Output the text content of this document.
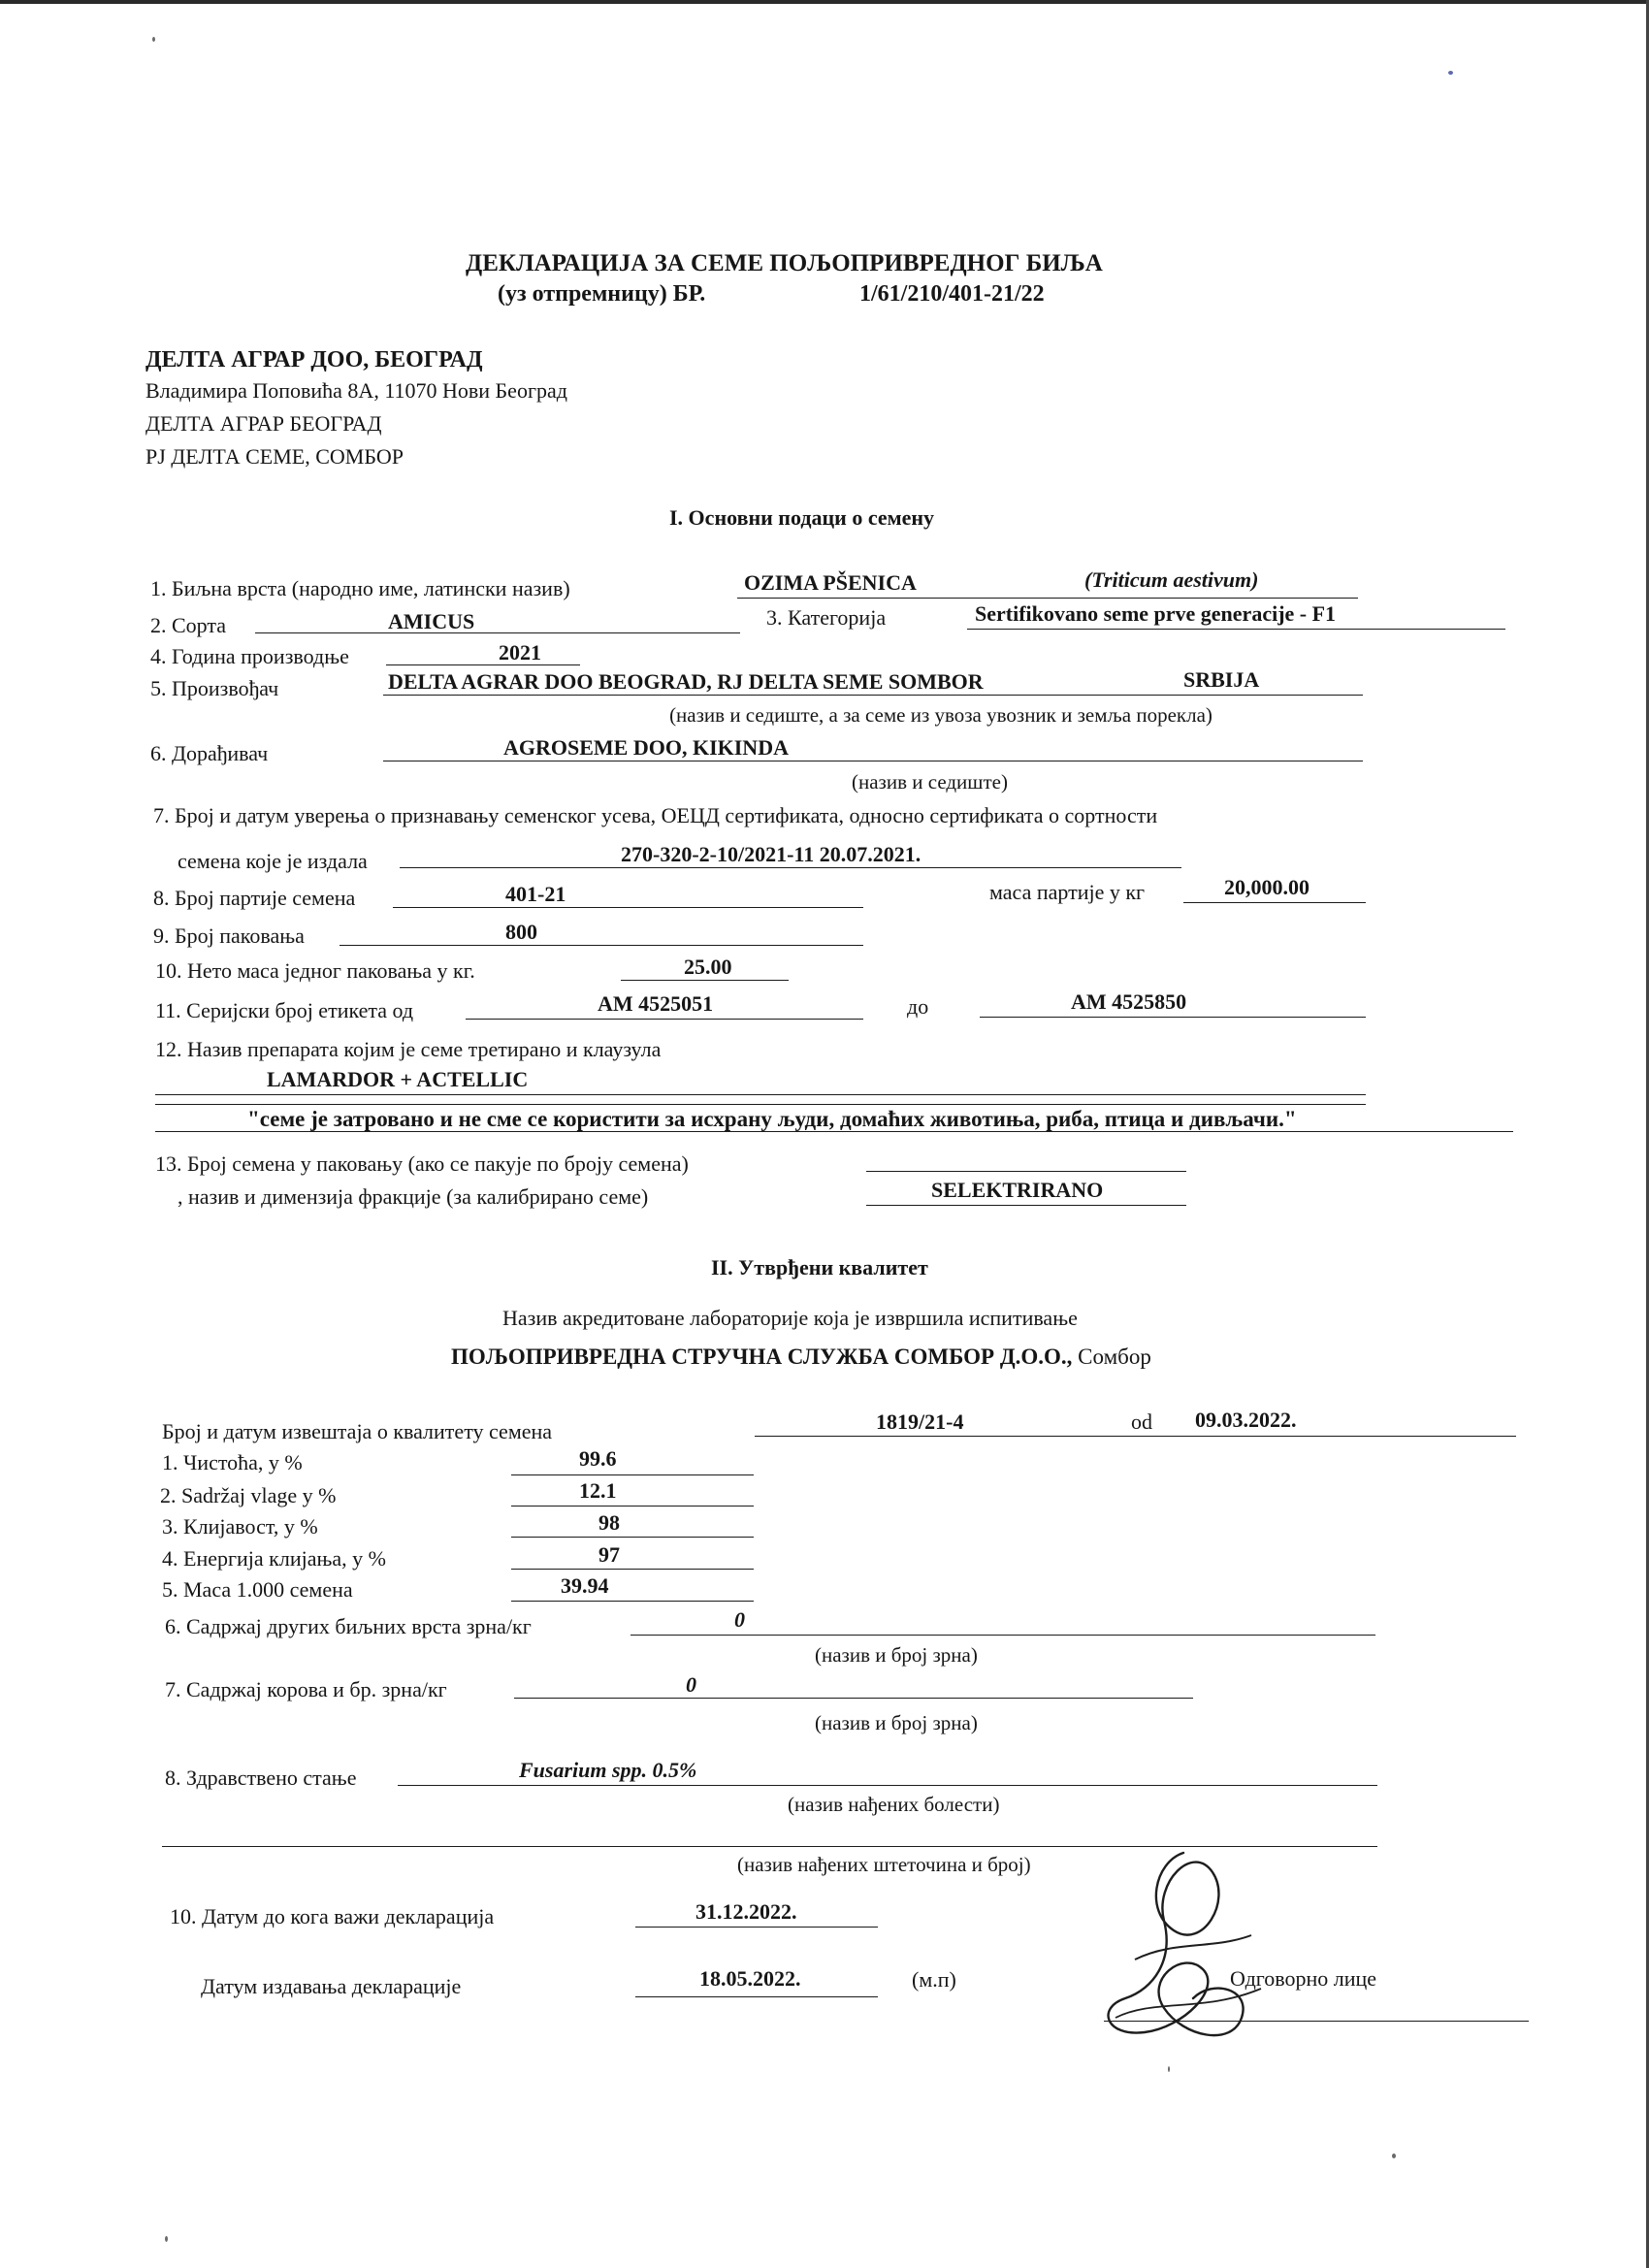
ДЕКЛАРАЦИЈА ЗА СЕМЕ ПОЉОПРИВРЕДНОГ БИЉА
(уз отпремницу) БР.	1/61/210/401-21/22
ДЕЛТА АГРАР ДОО, БЕОГРАД
Владимира Поповића 8А, 11070 Нови Београд
ДЕЛТА АГРАР БЕОГРАД
РЈ ДЕЛТА СЕМЕ, СОМБОР
I. Основни подаци о семену
1. Биљна врста (народно име, латински назив)	OZIMA PŠENICA	(Triticum aestivum)
2. Сорта	AMICUS	3. Категорија	Sertifikovano seme prve generacije - F1
4. Година производње	2021
5. Произвођач	DELTA AGRAR DOO BEOGRAD, RJ DELTA SEME SOMBOR	SRBIJA
(назив и седиште, а за семе из увоза увозник и земља порекла)
6. Дорађивач	AGROSEME DOO, KIKINDA
(назив и седиште)
7. Број и датум уверења о признавању семенског усева, ОЕЦД сертификата, односно сертификата о сортности
семена које је издала	270-320-2-10/2021-11 20.07.2021.
8. Број партије семена	401-21	маса партије у кг	20,000.00
9. Број паковања	800
10. Нето маса једног паковања у кг.	25.00
11. Серијски број етикета од	AM 4525051	до	AM 4525850
12. Назив препарата којим је семе третирано и клаузула
LAMARDOR + ACTELLIC
"семе је затровано и не сме се користити за исхрану људи, домаћих животиња, риба, птица и дивљачи."
13. Број семена у паковању (ако се пакује по броју семена)
, назив и димензија фракције (за калибрирано семе)	SELEKTRIRANO
II. Утврђени квалитет
Назив акредитоване лабораторије која је извршила испитивање
ПОЉОПРИВРЕДНА СТРУЧНА СЛУЖБА СОМБОР Д.О.О., Сомбор
Број и датум извештаја о квалитету семена	1819/21-4	od 09.03.2022.
1. Чистоћа, у %	99.6
2. Sadržaj vlage у %	12.1
3. Клијавост, у %	98
4. Енергија клијања, у %	97
5. Маса 1.000 семена	39.94
6. Садржај других биљних врста зрна/кг	0
(назив и број зрна)
7. Садржај корова и бр. зрна/кг	0
(назив и број зрна)
8. Здравствено стање	Fusarium spp. 0.5%
(назив нађених болести)
(назив нађених штеточина и број)
10. Датум до кога важи декларација	31.12.2022.
Датум издавања декларације	18.05.2022.	(м.п)	Одговорно лице
